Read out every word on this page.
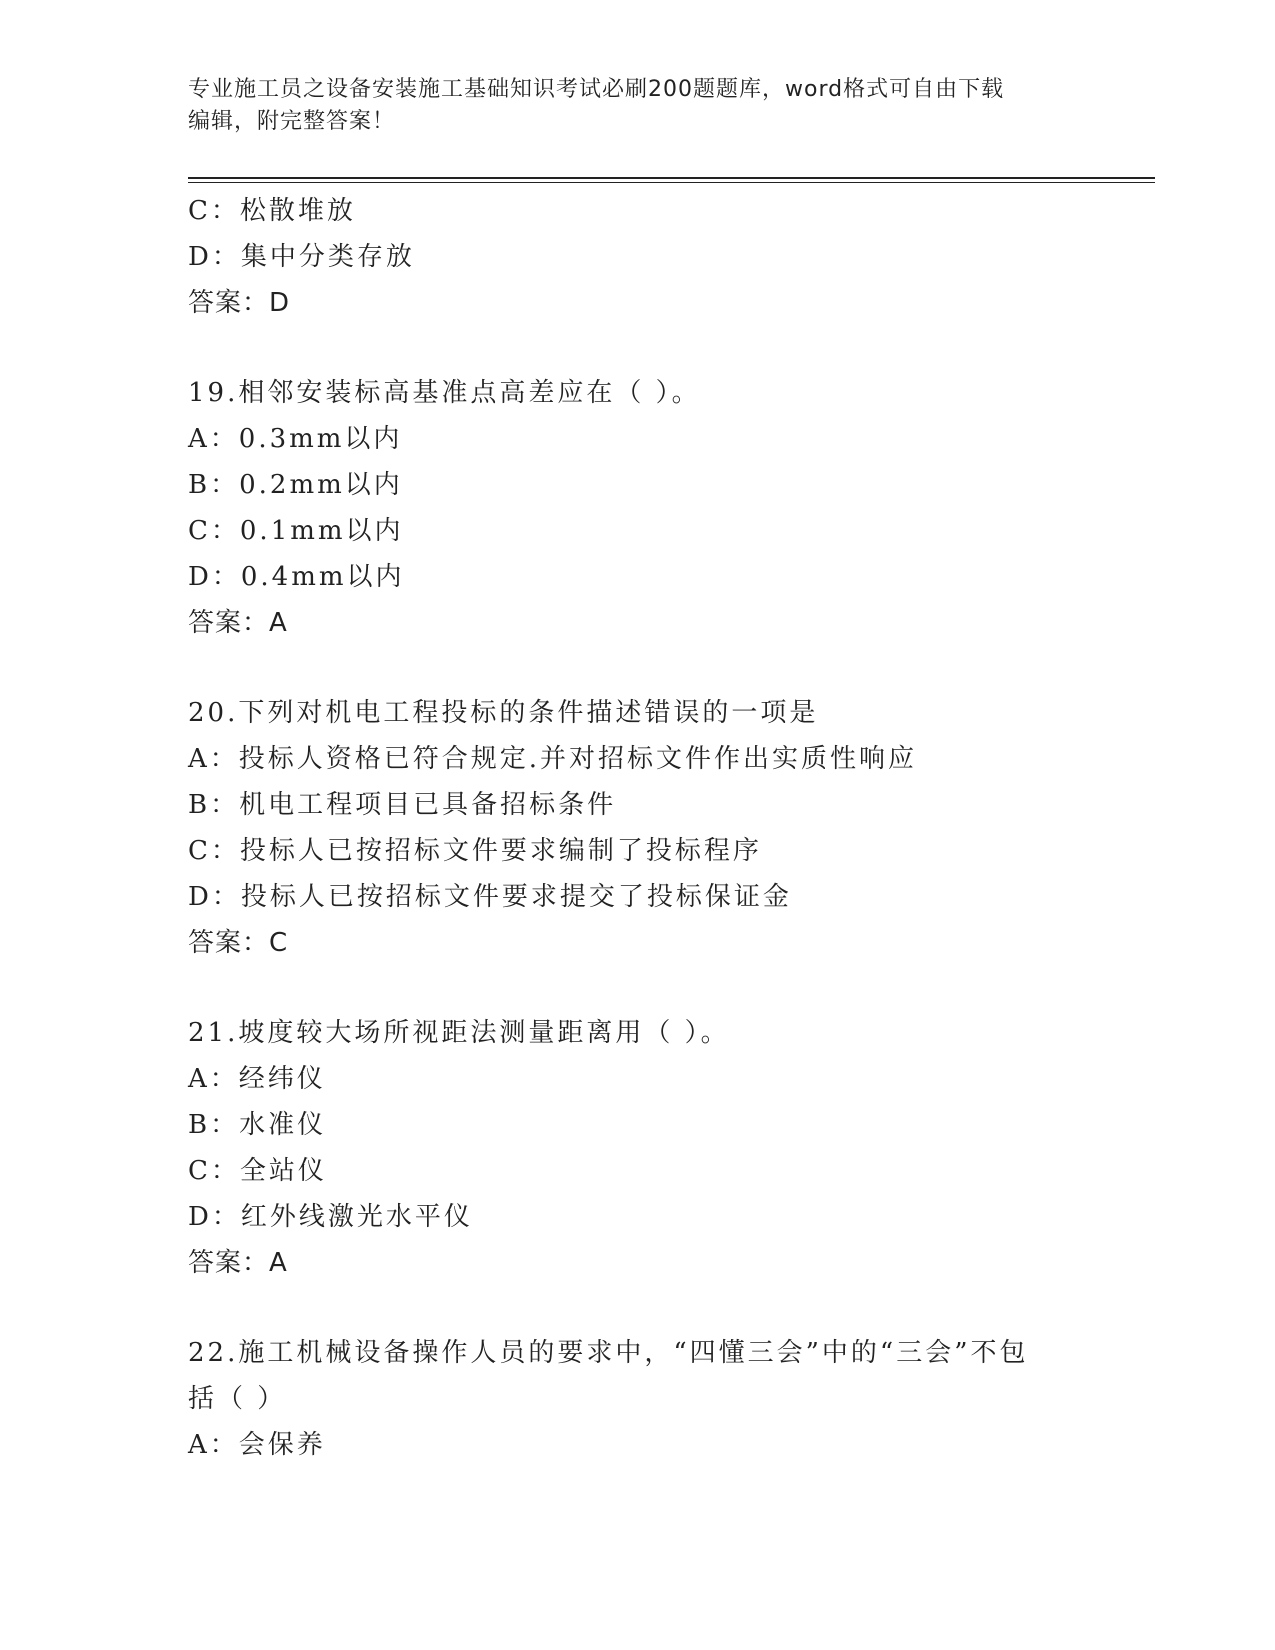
专业施工员之设备安装施工基础知识考试必刷200题题库，word格式可自由下载
编辑，附完整答案！
C：松散堆放
D：集中分类存放
答案：D
19.相邻安装标高基准点高差应在（ ）。
A：0.3mm以内
B：0.2mm以内
C：0.1mm以内
D：0.4mm以内
答案：A
20.下列对机电工程投标的条件描述错误的一项是
A：投标人资格已符合规定.并对招标文件作出实质性响应
B：机电工程项目已具备招标条件
C：投标人已按招标文件要求编制了投标程序
D：投标人已按招标文件要求提交了投标保证金
答案：C
21.坡度较大场所视距法测量距离用（ ）。
A：经纬仪
B：水准仪
C：全站仪
D：红外线激光水平仪
答案：A
22.施工机械设备操作人员的要求中，“四懂三会”中的“三会”不包
括（ ）
A：会保养
